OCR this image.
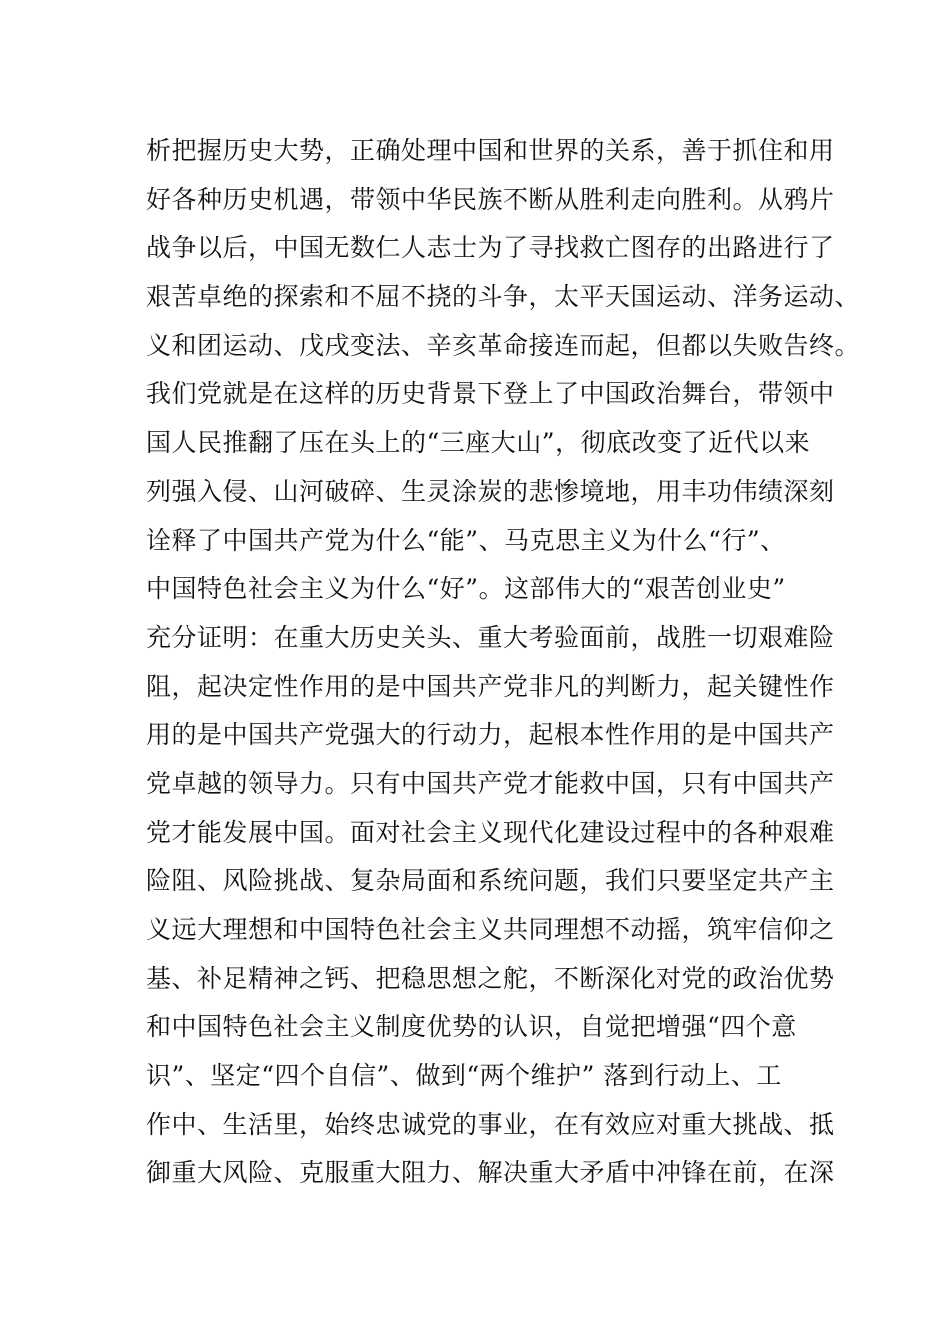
析把握历史大势，正确处理中国和世界的关系，善于抓住和用
好各种历史机遇，带领中华民族不断从胜利走向胜利。从鸦片
战争以后，中国无数仁人志士为了寻找救亡图存的出路进行了
艰苦卓绝的探索和不屈不挠的斗争，太平天国运动、洋务运动、
义和团运动、戊戌变法、辛亥革命接连而起，但都以失败告终。
我们党就是在这样的历史背景下登上了中国政治舞台，带领中
国人民推翻了压在头上的“三座大山”，彻底改变了近代以来
列强入侵、山河破碎、生灵涂炭的悲惨境地，用丰功伟绩深刻
诠释了中国共产党为什么“能”、马克思主义为什么“行”、
中国特色社会主义为什么“好”。这部伟大的“艰苦创业史”
充分证明：在重大历史关头、重大考验面前，战胜一切艰难险
阻，起决定性作用的是中国共产党非凡的判断力，起关键性作
用的是中国共产党强大的行动力，起根本性作用的是中国共产
党卓越的领导力。只有中国共产党才能救中国，只有中国共产
党才能发展中国。面对社会主义现代化建设过程中的各种艰难
险阻、风险挑战、复杂局面和系统问题，我们只要坚定共产主
义远大理想和中国特色社会主义共同理想不动摇，筑牢信仰之
基、补足精神之钙、把稳思想之舵，不断深化对党的政治优势
和中国特色社会主义制度优势的认识，自觉把增强“四个意
识”、坚定“四个自信”、做到“两个维护” 落到行动上、工
作中、生活里，始终忠诚党的事业，在有效应对重大挑战、抵
御重大风险、克服重大阻力、解决重大矛盾中冲锋在前，在深
